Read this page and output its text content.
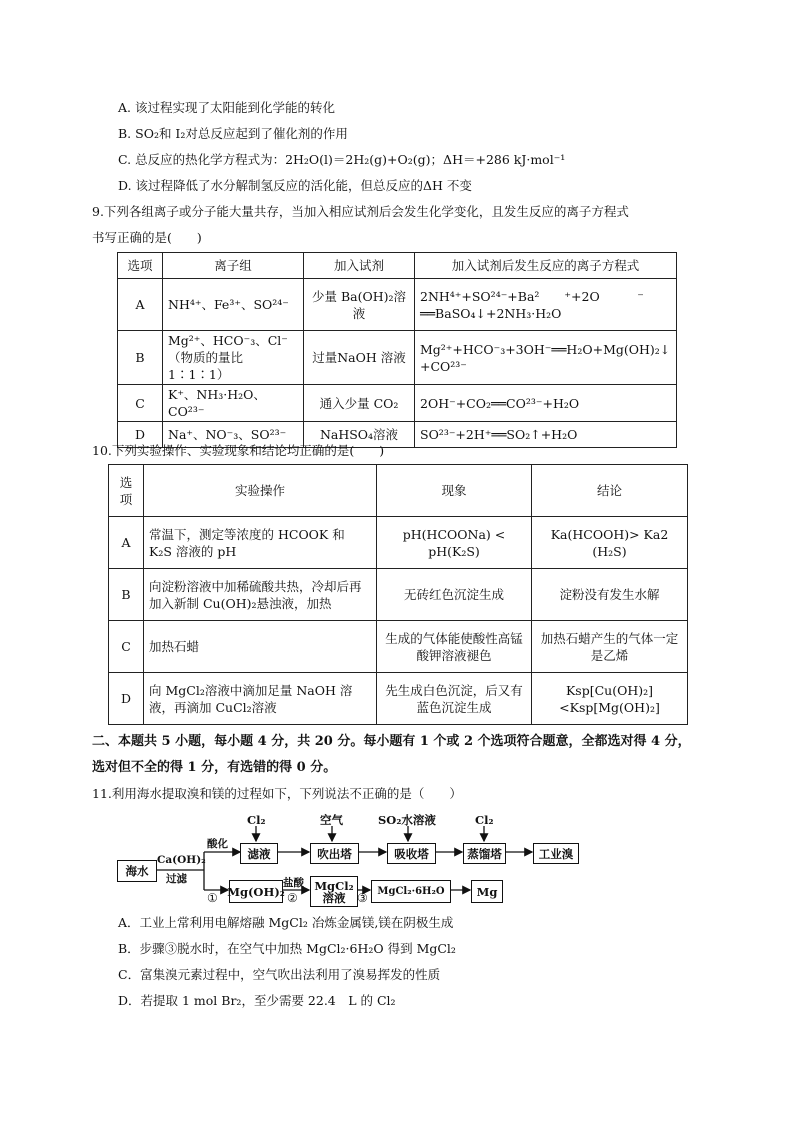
A. 该过程实现了太阳能到化学能的转化
B. SO₂和 I₂对总反应起到了催化剂的作用
C. 总反应的热化学方程式为：2H₂O(l)＝2H₂(g)+O₂(g)；ΔH＝+286 kJ·mol⁻¹
D. 该过程降低了水分解制氢反应的活化能，但总反应的ΔH 不变
9.下列各组离子或分子能大量共存，当加入相应试剂后会发生化学变化，且发生反应的离子方程式
书写正确的是(　　)
选项	离子组	加入试剂	加入试剂后发生反应的离子方程式
A	NH⁴⁺、Fe³⁺、SO²⁴⁻	少量 Ba(OH)₂溶液	2NH⁴⁺+SO²⁴⁻+Ba²　　⁺+2O　　　⁻ ══BaSO₄↓+2NH₃·H₂O
B	Mg²⁺、HCO⁻₃、Cl⁻ （物质的量比1∶1∶1）	过量NaOH 溶液	Mg²⁺+HCO⁻₃+3OH⁻══H₂O+Mg(OH)₂↓ +CO²³⁻
C	K⁺、NH₃·H₂O、CO²³⁻	通入少量 CO₂	2OH⁻+CO₂══CO²³⁻+H₂O
D	Na⁺、NO⁻₃、SO²³⁻	NaHSO₄溶液	SO²³⁻+2H⁺══SO₂↑+H₂O
10.下列实验操作、实验现象和结论均正确的是(　　)
选项	实验操作	现象	结论
A	常温下，测定等浓度的 HCOOK 和 K₂S 溶液的 pH	pH(HCOONa) < pH(K₂S)	Ka(HCOOH)> Ka2 (H₂S)
B	向淀粉溶液中加稀硫酸共热，冷却后再加入新制 Cu(OH)₂悬浊液，加热	无砖红色沉淀生成	淀粉没有发生水解
C	加热石蜡	生成的气体能使酸性高锰酸钾溶液褪色	加热石蜡产生的气体一定是乙烯
D	向 MgCl₂溶液中滴加足量 NaOH 溶液，再滴加 CuCl₂溶液	先生成白色沉淀，后又有蓝色沉淀生成	Ksp[Cu(OH)₂]<Ksp[Mg(OH)₂]
二、本题共 5 小题，每小题 4 分，共 20 分。每小题有 1 个或 2 个选项符合题意，全都选对得 4 分，
选对但不全的得 1 分，有选错的得 0 分。
11.利用海水提取溴和镁的过程如下，下列说法不正确的是（　　）
海水
Ca(OH)₂
过滤
酸化
滤液	吹出塔	吸收塔	蒸馏塔	工业溴
Cl₂	空气	SO₂水溶液	Cl₂
Mg(OH)₂
①
盐酸
②
MgCl₂ 溶液 ③ MgCl₂·6H₂O	Mg
A．工业上常利用电解熔融 MgCl₂ 冶炼金属镁,镁在阴极生成
B．步骤③脱水时，在空气中加热 MgCl₂·6H₂O 得到 MgCl₂
C．富集溴元素过程中，空气吹出法利用了溴易挥发的性质
D．若提取 1 mol Br₂，至少需要 22.4　L 的 Cl₂
